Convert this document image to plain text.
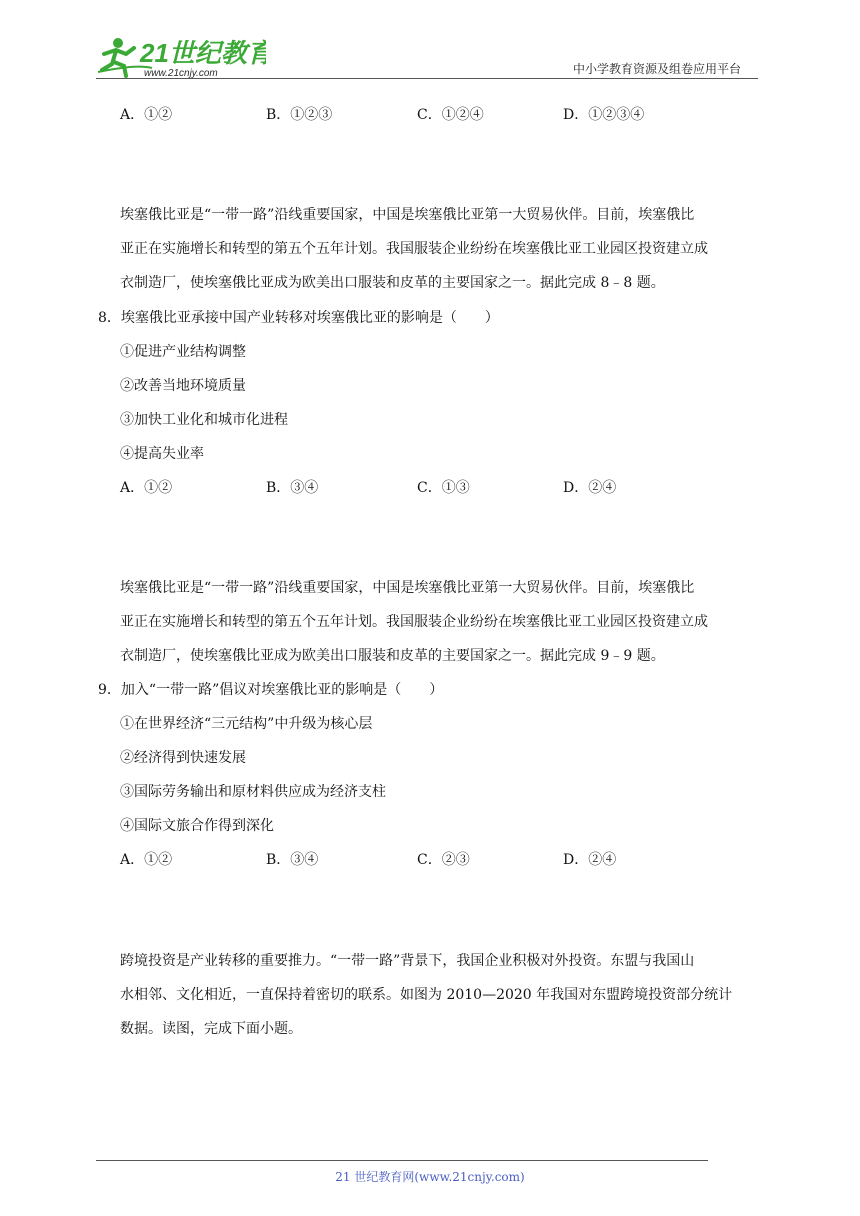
21世纪教育
www.21cnjy.com	中小学教育资源及组卷应用平台
A．①②	B．①②③	C．①②④	D．①②③④
埃塞俄比亚是“一带一路”沿线重要国家，中国是埃塞俄比亚第一大贸易伙伴。目前，埃塞俄比
亚正在实施增长和转型的第五个五年计划。我国服装企业纷纷在埃塞俄比亚工业园区投资建立成
衣制造厂，使埃塞俄比亚成为欧美出口服装和皮革的主要国家之一。据此完成 8﹣8 题。
8．埃塞俄比亚承接中国产业转移对埃塞俄比亚的影响是（　　）
①促进产业结构调整
②改善当地环境质量
③加快工业化和城市化进程
④提高失业率
A．①②	B．③④	C．①③	D．②④
埃塞俄比亚是“一带一路”沿线重要国家，中国是埃塞俄比亚第一大贸易伙伴。目前，埃塞俄比
亚正在实施增长和转型的第五个五年计划。我国服装企业纷纷在埃塞俄比亚工业园区投资建立成
衣制造厂，使埃塞俄比亚成为欧美出口服装和皮革的主要国家之一。据此完成 9﹣9 题。
9．加入“一带一路”倡议对埃塞俄比亚的影响是（　　）
①在世界经济“三元结构”中升级为核心层
②经济得到快速发展
③国际劳务输出和原材料供应成为经济支柱
④国际文旅合作得到深化
A．①②	B．③④	C．②③	D．②④
跨境投资是产业转移的重要推力。“一带一路”背景下，我国企业积极对外投资。东盟与我国山
水相邻、文化相近，一直保持着密切的联系。如图为 2010—2020 年我国对东盟跨境投资部分统计
数据。读图，完成下面小题。
21 世纪教育网(www.21cnjy.com)
